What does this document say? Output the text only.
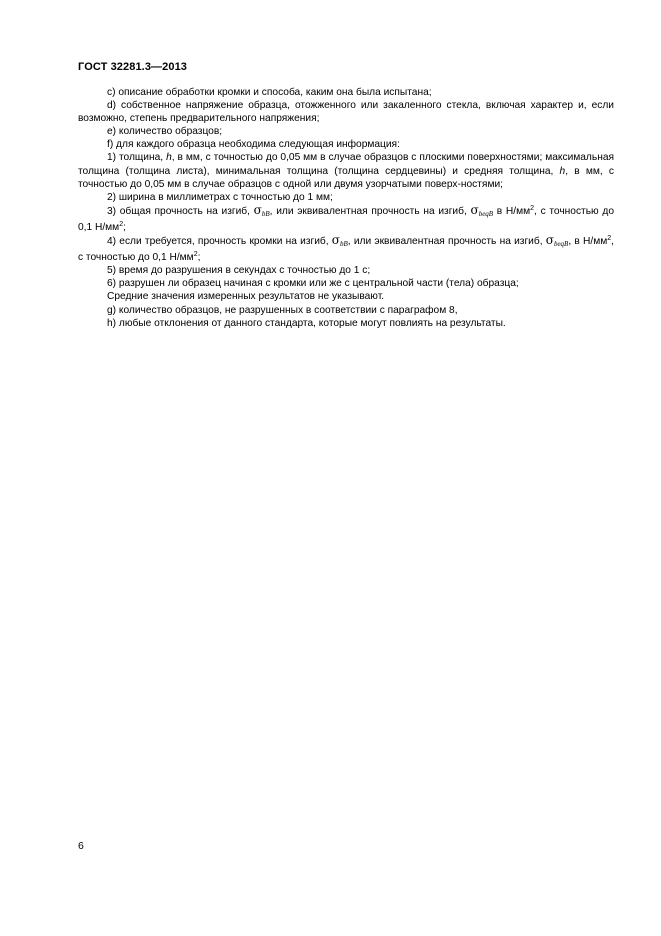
ГОСТ 32281.3—2013

c) описание обработки кромки и способа, каким она была испытана;

d) собственное напряжение образца, отожженного или закаленного стекла, включая характер и, если возможно, степень предварительного напряжения;

e) количество образцов;

f) для каждого образца необходима следующая информация:

1) толщина, h, в мм, с точностью до 0,05 мм в случае образцов с плоскими поверхностями; максимальная толщина (толщина листа), минимальная толщина (толщина сердцевины) и средняя толщина, h, в мм, с точностью до 0,05 мм в случае образцов с одной или двумя узорчатыми поверх-ностями;

2) ширина в миллиметрах с точностью до 1 мм;

3) общая прочность на изгиб, $\sigma_{bB}$, или эквивалентная прочность на изгиб, $\sigma_{beqB}$ в $Н/мм^2$, с точностью до 0,1 $Н/мм^2$;

4) если требуется, прочность кромки на изгиб, $\sigma_{bB}$, или эквивалентная прочность на изгиб, $\sigma_{beqB}$, в $Н/мм^2$, с точностью до 0,1 $Н/мм^2$;

5) время до разрушения в секундах с точностью до 1 с;

6) разрушен ли образец начиная с кромки или же с центральной части (тела) образца;

Средние значения измеренных результатов не указывают.

g) количество образцов, не разрушенных в соответствии с параграфом 8,

h) любые отклонения от данного стандарта, которые могут повлиять на результаты.

6
